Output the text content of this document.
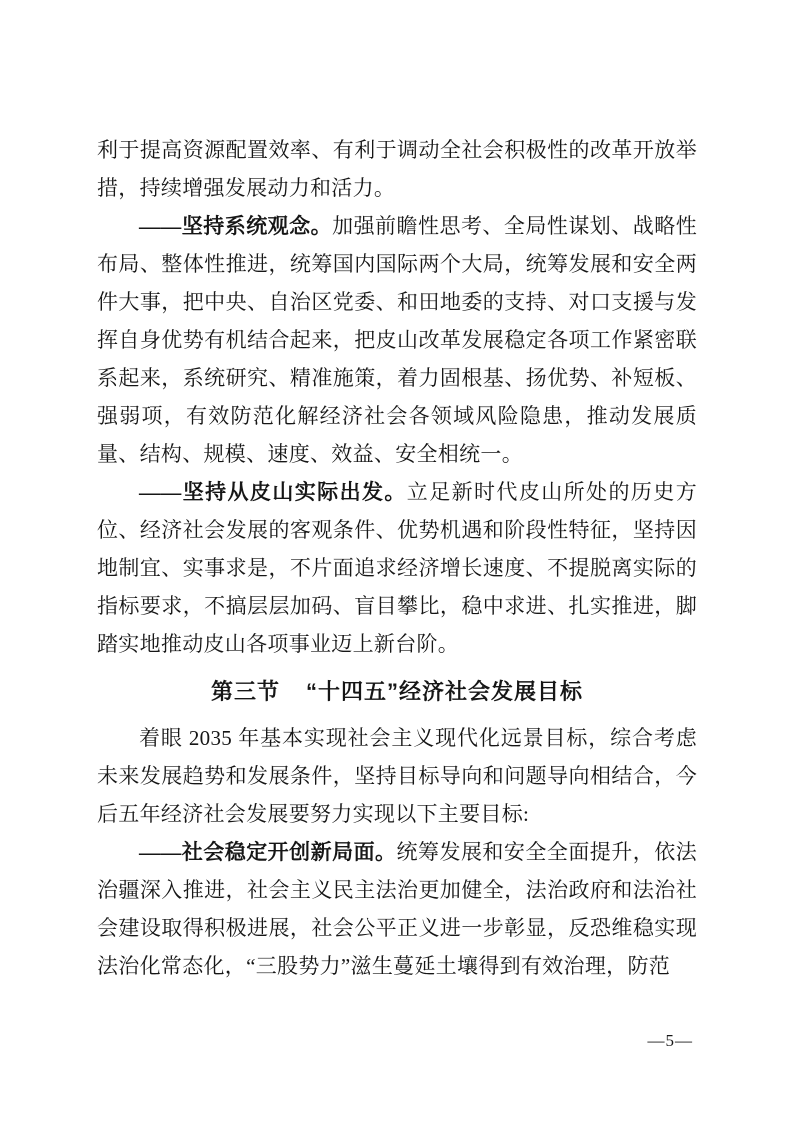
利于提高资源配置效率、有利于调动全社会积极性的改革开放举措，持续增强发展动力和活力。

——坚持系统观念。加强前瞻性思考、全局性谋划、战略性布局、整体性推进，统筹国内国际两个大局，统筹发展和安全两件大事，把中央、自治区党委、和田地委的支持、对口支援与发挥自身优势有机结合起来，把皮山改革发展稳定各项工作紧密联系起来，系统研究、精准施策，着力固根基、扬优势、补短板、强弱项，有效防范化解经济社会各领域风险隐患，推动发展质量、结构、规模、速度、效益、安全相统一。

——坚持从皮山实际出发。立足新时代皮山所处的历史方位、经济社会发展的客观条件、优势机遇和阶段性特征，坚持因地制宜、实事求是，不片面追求经济增长速度、不提脱离实际的指标要求，不搞层层加码、盲目攀比，稳中求进、扎实推进，脚踏实地推动皮山各项事业迈上新台阶。

第三节 “十四五”经济社会发展目标

着眼 2035 年基本实现社会主义现代化远景目标，综合考虑未来发展趋势和发展条件，坚持目标导向和问题导向相结合，今后五年经济社会发展要努力实现以下主要目标:

——社会稳定开创新局面。统筹发展和安全全面提升，依法治疆深入推进，社会主义民主法治更加健全，法治政府和法治社会建设取得积极进展，社会公平正义进一步彰显，反恐维稳实现法治化常态化，“三股势力”滋生蔓延土壤得到有效治理，防范

—5—
